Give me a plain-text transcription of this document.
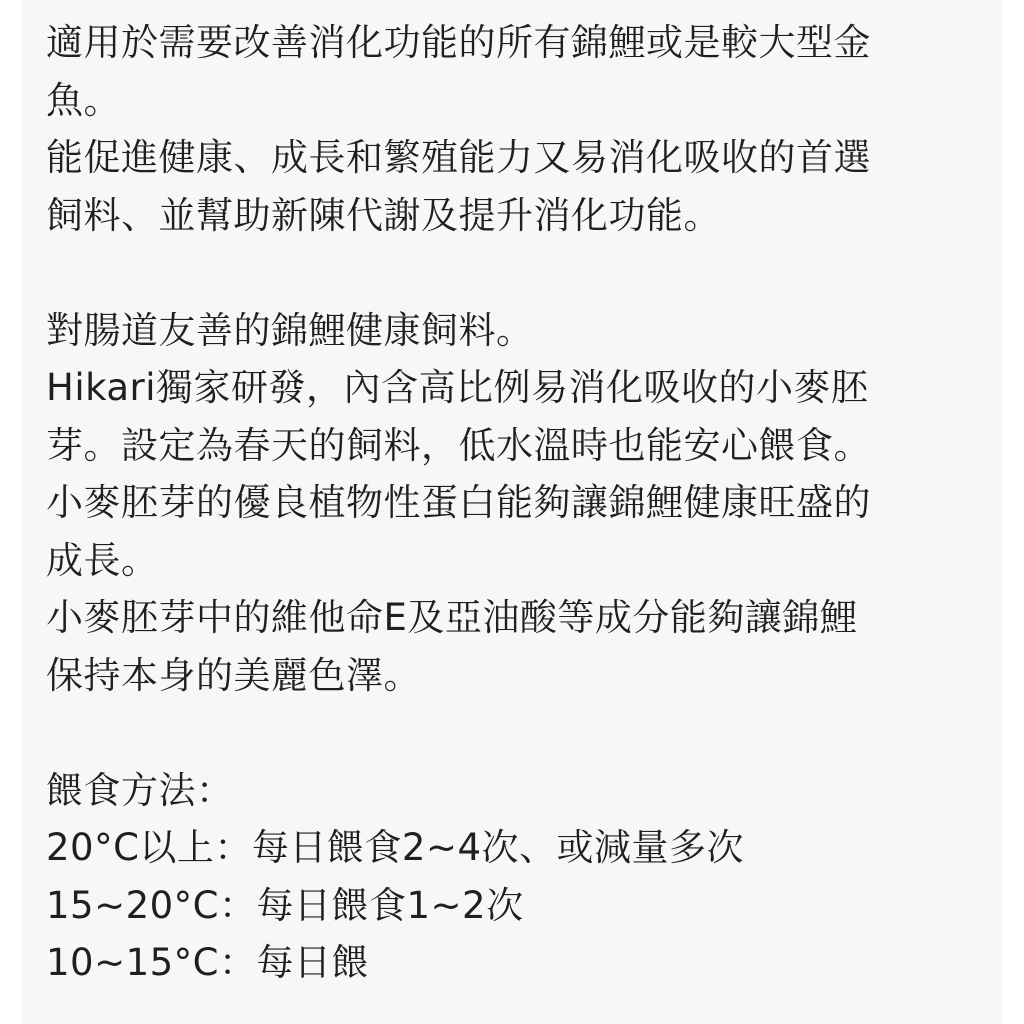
適用於需要改善消化功能的所有錦鯉或是較大型金
魚。
能促進健康、成長和繁殖能力又易消化吸收的首選
飼料、並幫助新陳代謝及提升消化功能。
對腸道友善的錦鯉健康飼料。
Hikari獨家研發，內含高比例易消化吸收的小麥胚
芽。設定為春天的飼料，低水溫時也能安心餵食。
小麥胚芽的優良植物性蛋白能夠讓錦鯉健康旺盛的
成長。
小麥胚芽中的維他命E及亞油酸等成分能夠讓錦鯉
保持本身的美麗色澤。
餵食方法：
20°C以上：每日餵食2~4次、或減量多次
15~20°C：每日餵食1~2次
10~15°C：每日餵
